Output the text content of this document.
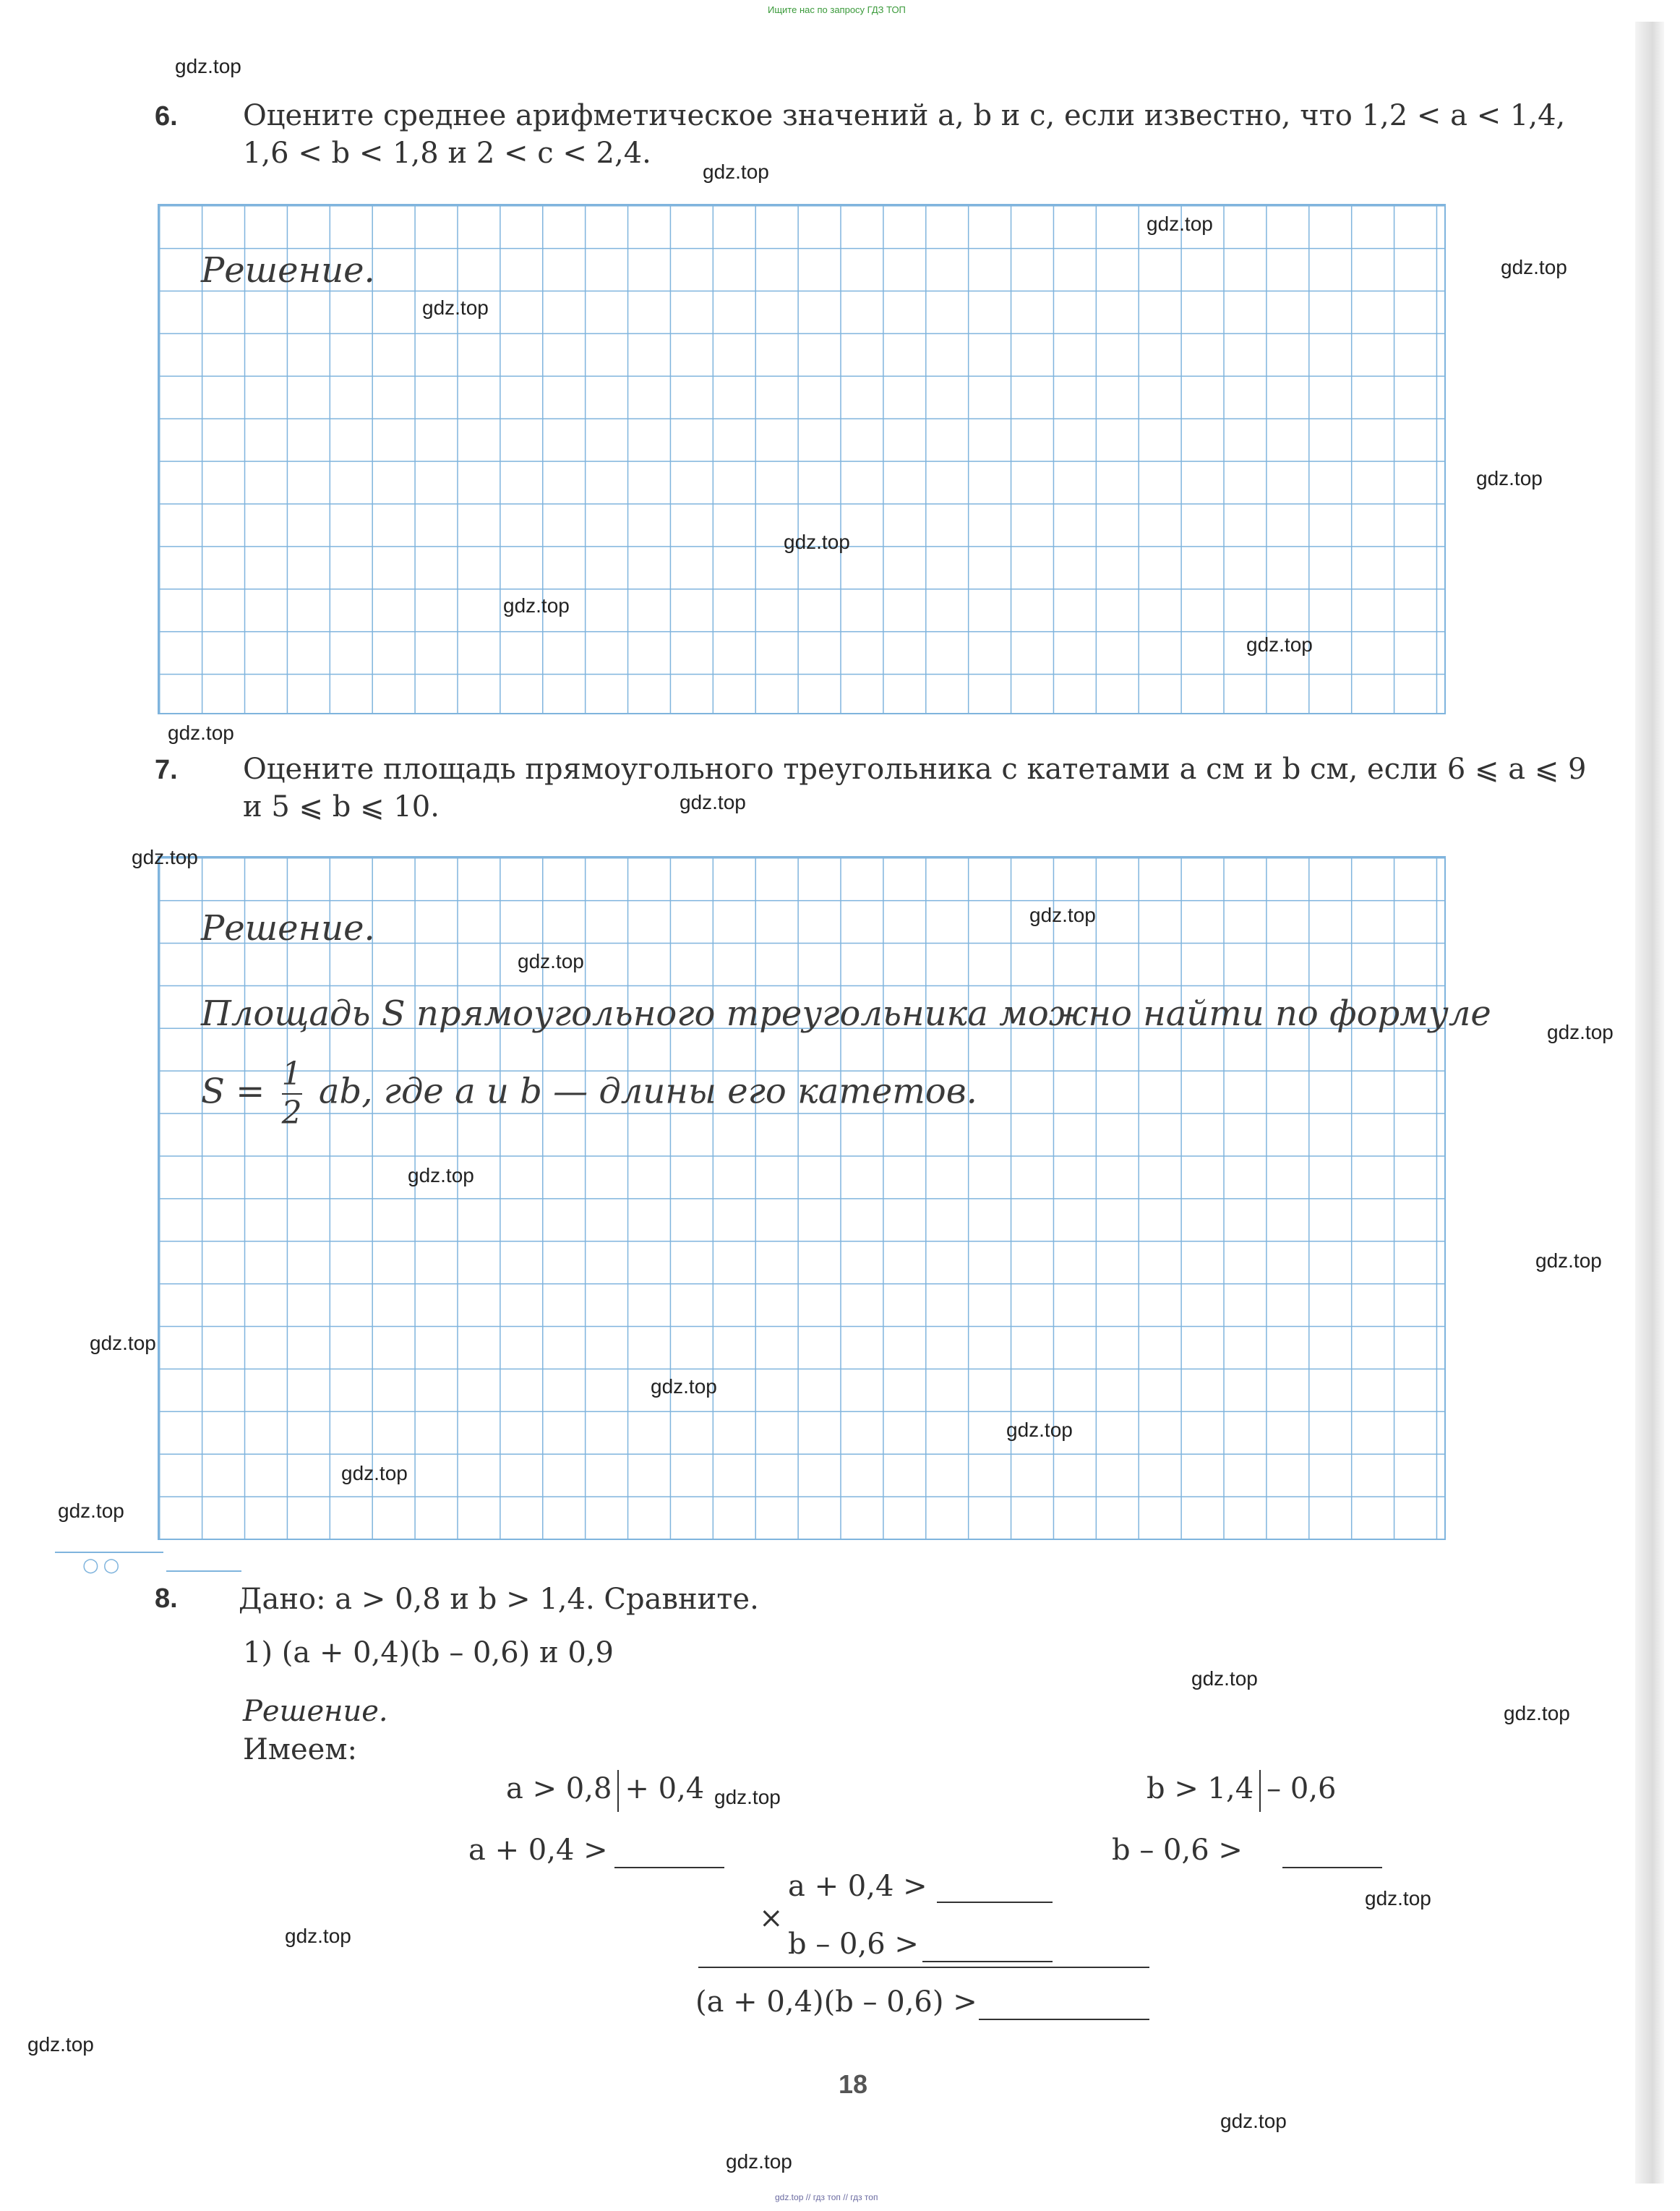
Ищите нас по запросу ГДЗ ТОП
6. Оцените среднее арифметическое значений a, b и c, если известно, что 1,2 < a < 1,4,
1,6 < b < 1,8 и 2 < c < 2,4.
Решение.
7. Оцените площадь прямоугольного треугольника с катетами a см и b см, если 6 ⩽ a ⩽ 9
и 5 ⩽ b ⩽ 10.
Решение.
Площадь S прямоугольного треугольника можно найти по формуле
$S = \frac{1}{2}$ ab, где a и b — длины его катетов.
○○
8. Дано: a > 0,8 и b > 1,4. Сравните.
1) (a + 0,4)(b – 0,6) и 0,9
Решение.
Имеем:
a > 0,8 + 0,4	b > 1,4 – 0,6
a + 0,4 >	b – 0,6 >
a + 0,4 >
×
b – 0,6 >
(a + 0,4)(b – 0,6) >
18
gdz.top // гдз топ // гдз топ
gdz.top
gdz.top
gdz.top
gdz.top
gdz.top
gdz.top
gdz.top
gdz.top
gdz.top
gdz.top
gdz.top
gdz.top
gdz.top
gdz.top
gdz.top
gdz.top
gdz.top
gdz.top
gdz.top
gdz.top
gdz.top
gdz.top
gdz.top
gdz.top
gdz.top
gdz.top
gdz.top
gdz.top
gdz.top
gdz.top
